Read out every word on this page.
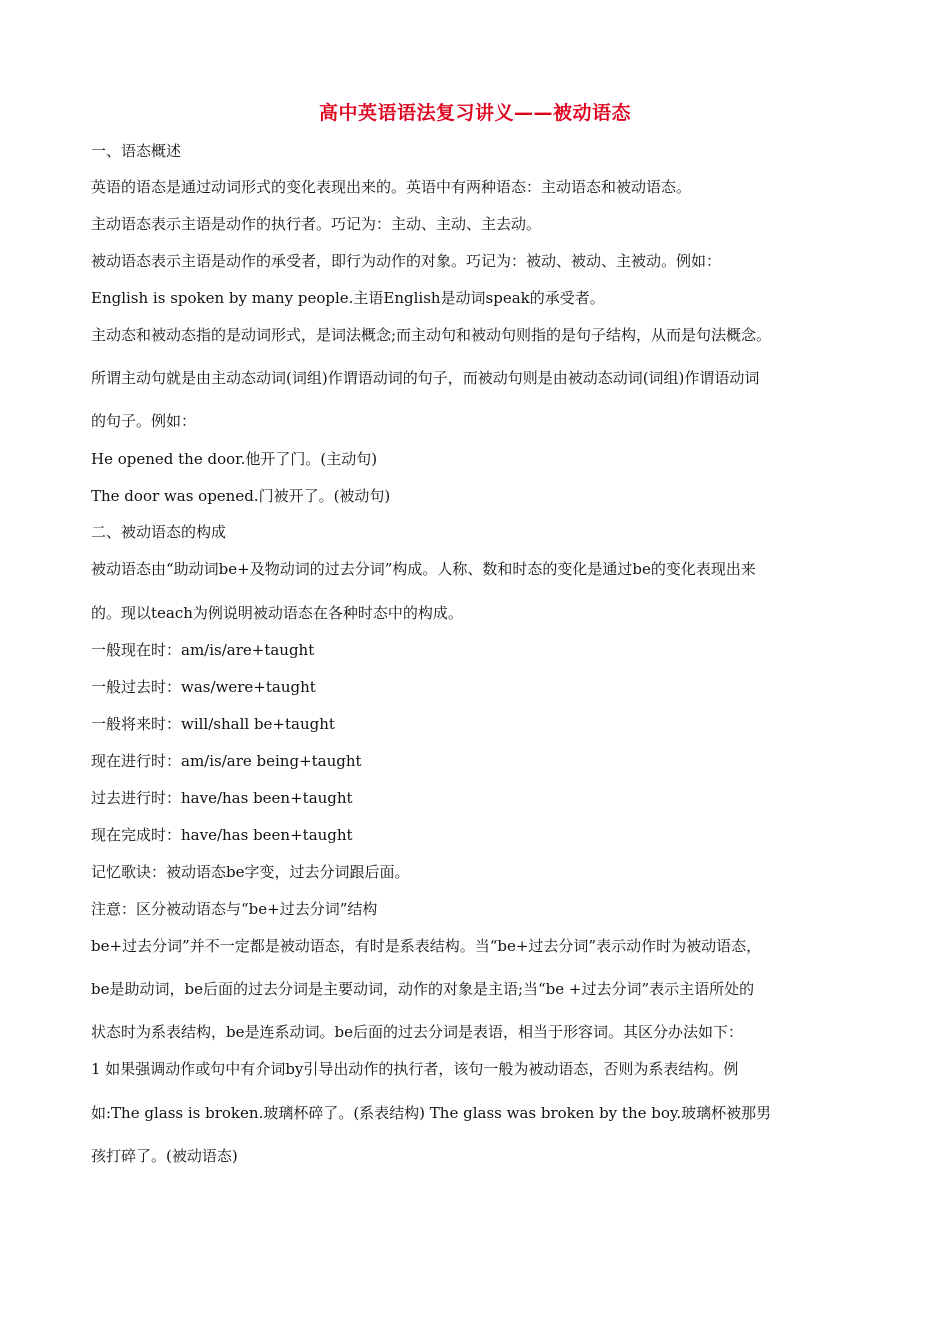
高中英语语法复习讲义——被动语态
一、语态概述
英语的语态是通过动词形式的变化表现出来的。英语中有两种语态：主动语态和被动语态。
主动语态表示主语是动作的执行者。巧记为：主动、主动、主去动。
被动语态表示主语是动作的承受者，即行为动作的对象。巧记为：被动、被动、主被动。例如：
English is spoken by many people.主语English是动词speak的承受者。
主动态和被动态指的是动词形式，是词法概念;而主动句和被动句则指的是句子结构，从而是句法概念。
所谓主动句就是由主动态动词(词组)作谓语动词的句子，而被动句则是由被动态动词(词组)作谓语动词
的句子。例如：
He opened the door.他开了门。(主动句)
The door was opened.门被开了。(被动句)
二、被动语态的构成
被动语态由“助动词be+及物动词的过去分词”构成。人称、数和时态的变化是通过be的变化表现出来
的。现以teach为例说明被动语态在各种时态中的构成。
一般现在时：am/is/are+taught
一般过去时：was/were+taught
一般将来时：will/shall be+taught
现在进行时：am/is/are being+taught
过去进行时：have/has been+taught
现在完成时：have/has been+taught
记忆歌诀：被动语态be字变，过去分词跟后面。
注意：区分被动语态与“be+过去分词”结构
be+过去分词”并不一定都是被动语态，有时是系表结构。当“be+过去分词”表示动作时为被动语态，
be是助动词，be后面的过去分词是主要动词，动作的对象是主语;当“be +过去分词”表示主语所处的
状态时为系表结构，be是连系动词。be后面的过去分词是表语，相当于形容词。其区分办法如下：
1 如果强调动作或句中有介词by引导出动作的执行者，该句一般为被动语态，否则为系表结构。例
如:The glass is broken.玻璃杯碎了。(系表结构) The glass was broken by the boy.玻璃杯被那男
孩打碎了。(被动语态)
